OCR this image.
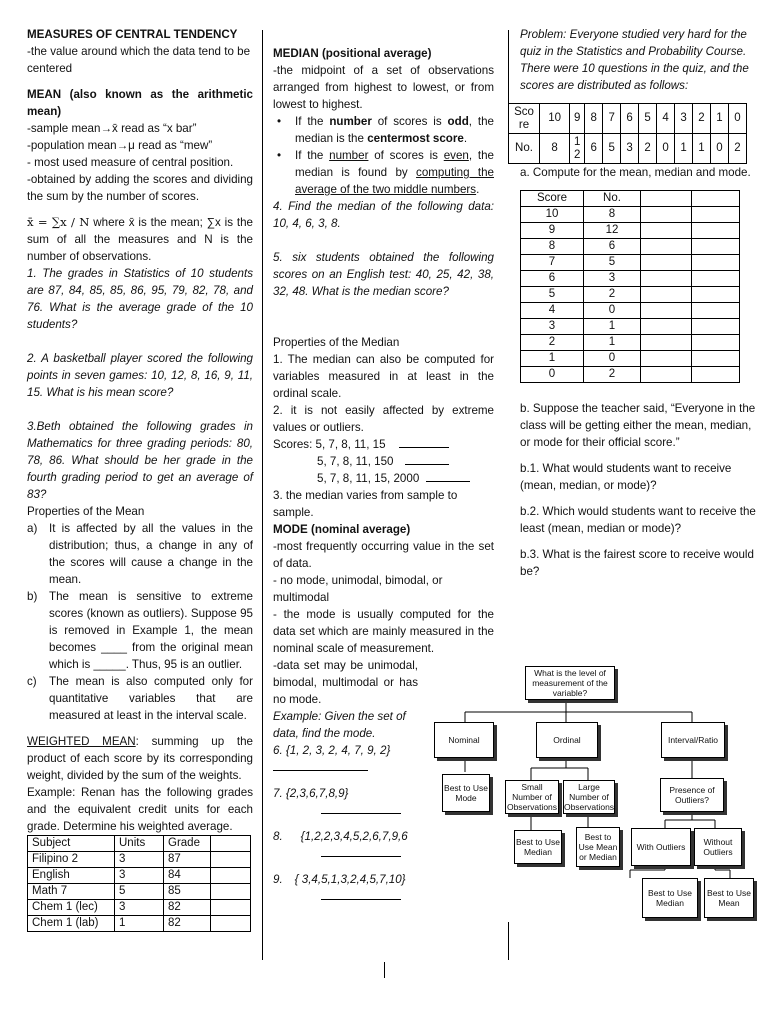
MEASURES OF CENTRAL TENDENCY

-the value around which the data tend to be centered

MEAN (also known as the arithmetic mean)

-sample mean→x̄ read as “x bar”

-population mean→μ read as “mew”

- most used measure of central position.

-obtained by adding the scores and dividing the sum by the number of scores.

x̄ = ∑x / N where x̄ is the mean; ∑x is the sum of all the measures and N is the number of observations.

1. The grades in Statistics of 10 students are 87, 84, 85, 85, 86, 95, 79, 82, 78, and 76. What is the average grade of the 10 students?

2. A basketball player scored the following points in seven games: 10, 12, 8, 16, 9, 11, 15. What is his mean score?

3.Beth obtained the following grades in Mathematics for three grading periods: 80, 78, 86. What should be her grade in the fourth grading period to get an average of 83?

Properties of the Mean

a) It is affected by all the values in the distribution; thus, a change in any of the scores will cause a change in the mean.
b) The mean is sensitive to extreme scores (known as outliers). Suppose 95 is removed in Example 1, the mean becomes ____ from the original mean which is _____. Thus, 95 is an outlier.
c) The mean is also computed only for quantitative variables that are measured at least in the interval scale.

WEIGHTED MEAN: summing up the product of each score by its corresponding weight, divided by the sum of the weights.

Example: Renan has the following grades and the equivalent credit units for each grade. Determine his weighted average.

Subject	Units	Grade	
Filipino 2	3	87	
English	3	84	
Math 7	5	85	
Chem 1 (lec)	3	82	
Chem 1 (lab)	1	82	

MEDIAN (positional average)

-the midpoint of a set of observations arranged from highest to lowest, or from lowest to highest.

• If the number of scores is odd, the median is the centermost score.
• If the number of scores is even, the median is found by computing the average of the two middle numbers.

4. Find the median of the following data: 10, 4, 6, 3, 8.

5. six students obtained the following scores on an English test: 40, 25, 42, 38, 32, 48. What is the median score?

Properties of the Median

1. The median can also be computed for variables measured in at least in the ordinal scale.

2. it is not easily affected by extreme values or outliers.

Scores: 5, 7, 8, 11, 15

5, 7, 8, 11, 150

5, 7, 8, 11, 15, 2000

3. the median varies from sample to sample.

MODE (nominal average)

-most frequently occurring value in the set of data.

- no mode, unimodal, bimodal, or multimodal

- the mode is usually computed for the data set which are mainly measured in the nominal scale of measurement.

-data set may be unimodal, bimodal, multimodal or has no mode.

Example: Given the set of data, find the mode.

6. {1, 2, 3, 2, 4, 7, 9, 2}

7. {2,3,6,7,8,9}

8. {1,2,2,3,4,5,2,6,7,9,6

9. { 3,4,5,1,3,2,4,5,7,10}

Problem: Everyone studied very hard for the quiz in the Statistics and Probability Course. There were 10 questions in the quiz, and the scores are distributed as follows:

Sco re	10	9	8	7	6	5	4	3	2	1	0
No.	8	12	6	5	3	2	0	1	1	0	2

a. Compute for the mean, median and mode.

Score	No.		
10	8		
9	12		
8	6		
7	5		
6	3		
5	2		
4	0		
3	1		
2	1		
1	0		
0	2		

b. Suppose the teacher said, “Everyone in the class will be getting either the mean, median, or mode for their official score.”

b.1. What would students want to receive (mean, median, or mode)?

b.2. Which would students want to receive the least (mean, median or mode)?

b.3. What is the fairest score to receive would be?

What is the level of measurement of the variable?
Nominal	Ordinal	Interval/Ratio
Best to Use Mode
Small Number of Observations
Large Number of Observations
Presence of Outliers?
Best to Use Median
Best to Use Mean or Median
With Outliers	Without Outliers
Best to Use Median
Best to Use Mean
